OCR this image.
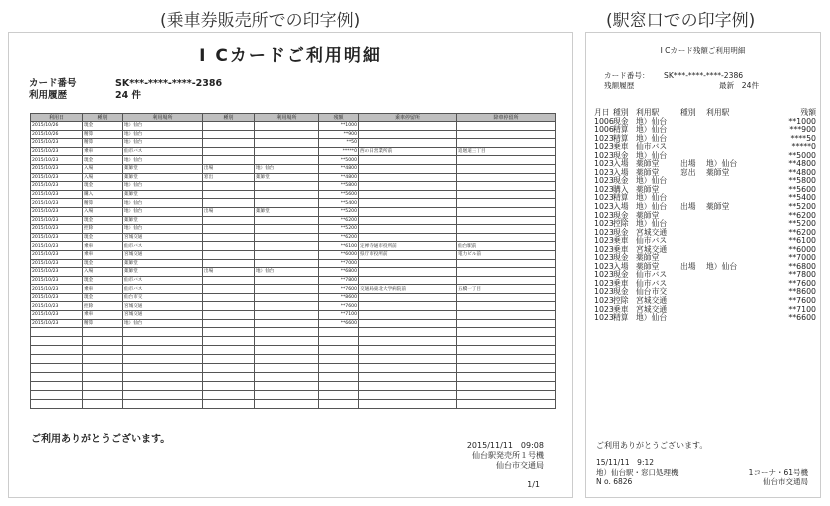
(乗車券販売所での印字例)	(駅窓口での印字例)
I Cカードご利用明細
カード番号	SK***-****-****-2386
利用履歴	24 件
利用日	種別	利用場所	種別	利用場所	残額	乗車停留所	降車停留所
2015/10/26	現金	地）仙台			**1000		
2015/10/26	精算	地）仙台			**900		
2015/10/23	精算	地）仙台			**50		
2015/10/23	乗車	仙市バス			*****0	西の日営業所前	追廻道三丁目
2015/10/23	現金	地）仙台			**5000		
2015/10/23	入場	薬師堂	出場	地）仙台	**4800		
2015/10/23	入場	薬師堂	窓出	薬師堂	**4800		
2015/10/23	現金	地）仙台			**5800		
2015/10/23	購入	薬師堂			**5600		
2015/10/23	精算	地）仙台			**5400		
2015/10/23	入場	地）仙台	出場	薬師堂	**5200		
2015/10/23	現金	薬師堂			**6200		
2015/10/23	控除	地）仙台			**5200		
2015/10/23	現金	宮城交通			**6200		
2015/10/23	乗車	仙市バス			**6100	定禅寺通市役所前	仙台駅前
2015/10/23	乗車	宮城交通			**6000	県庁市役所前	電力ビル前
2015/10/23	現金	薬師堂			**7000		
2015/10/23	入場	薬師堂	出場	地）仙台	**6800		
2015/10/23	現金	仙市バス			**7800		
2015/10/23	乗車	仙市バス			**7600	交通局東北大学病院前	五橋一丁目
2015/10/23	現金	仙台市交			**8600		
2015/10/23	控除	宮城交通			**7600		
2015/10/23	乗車	宮城交通			**7100		
2015/10/23	精算	地）仙台			**6600		

ご利用ありがとうございます。
2015/11/11　09:08
仙台駅発売所１号機
仙台市交通局
1/1
I Cカード残額ご利用明細
カード番号： SK***-****-****-2386
残額履歴	最新　24件
月日 種別 利用駅	種別 利用駅	残額
1006 現金 地）仙台	**1000
1006 精算 地）仙台	***900
1023 精算 地）仙台	****50
1023 乗車 仙市バス	*****0
1023 現金 地）仙台	**5000
1023 入場 薬師堂	出場 地）仙台	**4800
1023 入場 薬師堂	窓出 薬師堂	**4800
1023 現金 地）仙台	**5800
1023 購入 薬師堂	**5600
1023 精算 地）仙台	**5400
1023 入場 地）仙台 出場 薬師堂	**5200
1023 現金 薬師堂	**6200
1023 控除 地）仙台	**5200
1023 現金 宮城交通	**6200
1023 乗車 仙市バス	**6100
1023 乗車 宮城交通	**6000
1023 現金 薬師堂	**7000
1023 入場 薬師堂	出場 地）仙台	**6800
1023 現金 仙市バス	**7800
1023 乗車 仙市バス	**7600
1023 現金 仙台市交	**8600
1023 控除 宮城交通	**7600
1023 乗車 宮城交通	**7100
1023 精算 地）仙台	**6600
ご利用ありがとうございます。
15/11/11　9:12
地）仙台駅・窓口処理機	1コーナ・61号機
N o. 6826	仙台市交通局
